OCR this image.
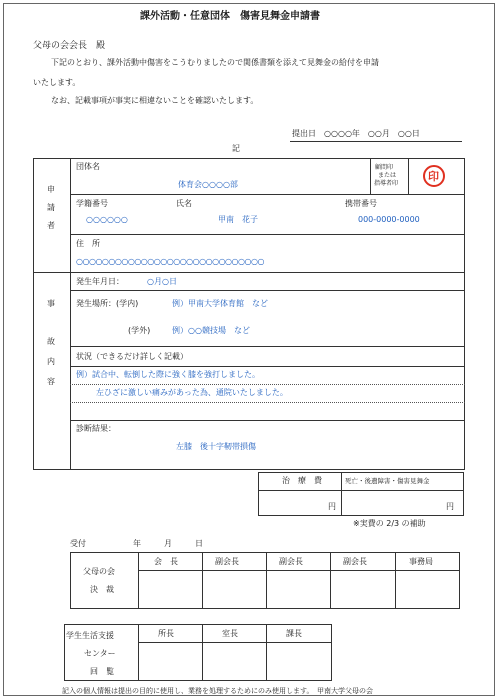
課外活動・任意団体　傷害見舞金申請書
父母の会会長　殿
下記のとおり、課外活動中傷害をこうむりましたので関係書類を添えて見舞金の給付を申請
いたします。
なお、記載事項が事実に相違ないことを確認いたします。
提出日　○○○○年　○○月　○○日
記
申
請
者
団体名
体育会○○○○部
顧問印
または
指導者印
印
学籍番号
○○○○○○
氏名
甲南　花子
携帯番号
000-0000-0000
住　所
○○○○○○○○○○○○○○○○○○○○○○○○○○○○○
事
故
内
容
発生年月日：	○月○日
発生場所：(学内)	例）甲南大学体育館　など
(学外)	例）○○競技場　など
状況（できるだけ詳しく記載）
例）試合中、転倒した際に強く膝を強打しました。
左ひざに激しい痛みがあった為、通院いたしました。
診断結果：
左膝　後十字靭帯損傷
治　療　費	死亡・後遺障害・傷害見舞金
円	円
※実費の 2/3 の補助
受付	年	月	日
父母の会
決　裁
会　長	副会長	副会長	副会長	事務局
学生生活支援
センター
回　覧
所長	室長	課長
記入の個人情報は提出の目的に使用し、業務を処理するためにのみ使用します。　甲南大学父母の会
